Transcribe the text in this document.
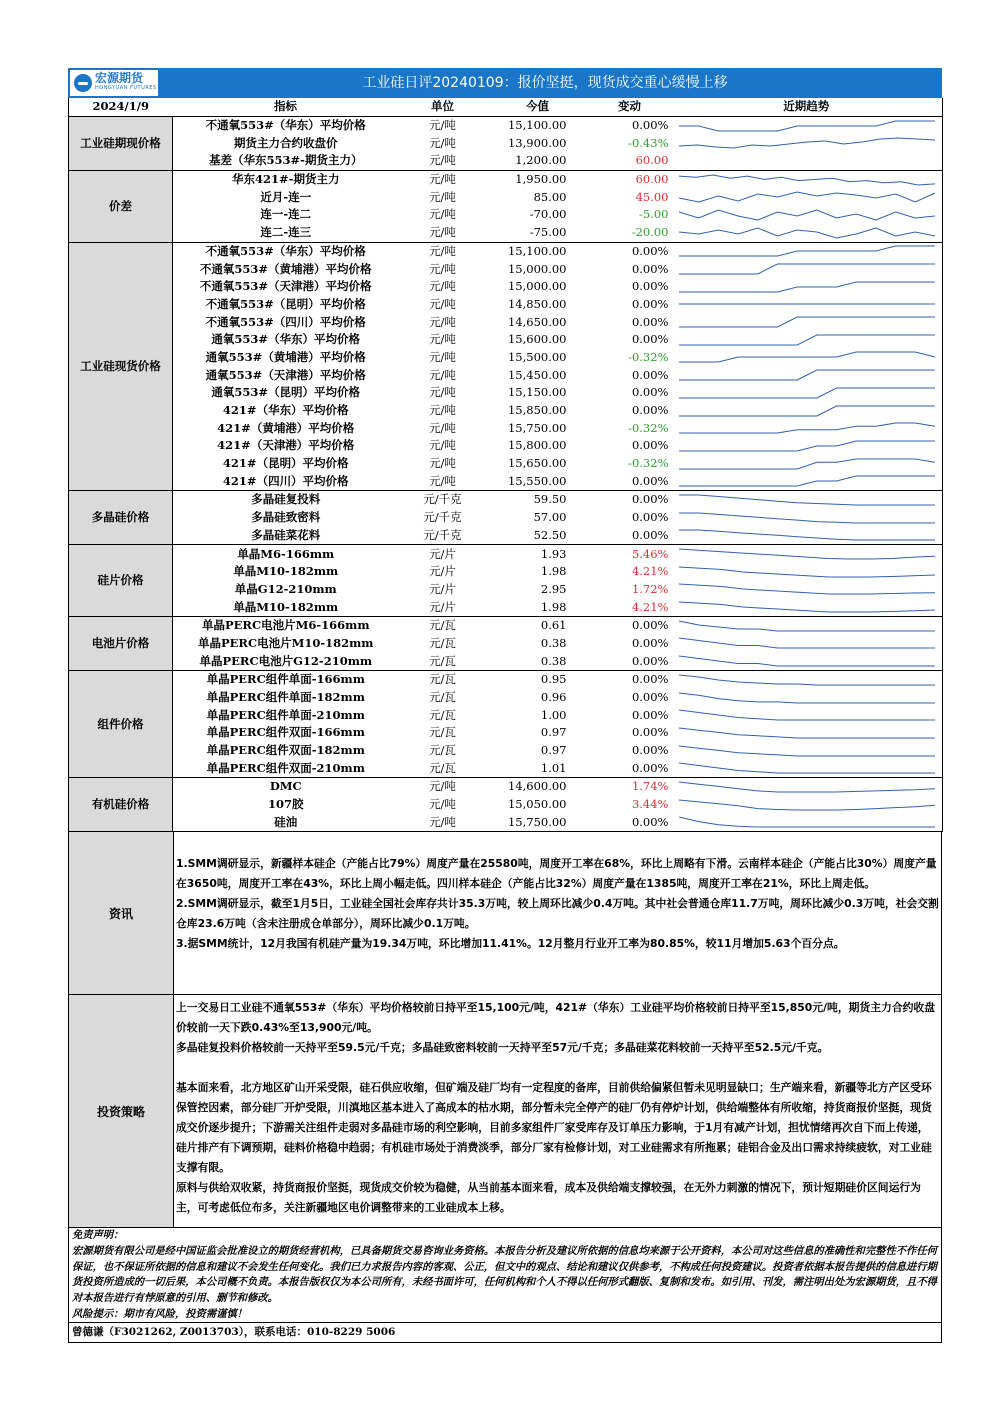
宏源期货
HONGYUAN FUTURES	工业硅日评20240109：报价坚挺，现货成交重心缓慢上移
2024/1/9	指标	单位	今值	变动	近期趋势
工业硅期现价格	不通氧553#（华东）平均价格	元/吨	15,100.00	0.00%	

	期货主力合约收盘价	元/吨	13,900.00	-0.43%	

	基差（华东553#-期货主力）	元/吨	1,200.00	60.00	

价差	华东421#-期货主力	元/吨	1,950.00	60.00	

	近月-连一	元/吨	85.00	45.00	

	连一-连二	元/吨	-70.00	-5.00	

	连二-连三	元/吨	-75.00	-20.00	

工业硅现货价格	不通氧553#（华东）平均价格	元/吨	15,100.00	0.00%	

	不通氧553#（黄埔港）平均价格	元/吨	15,000.00	0.00%	

	不通氧553#（天津港）平均价格	元/吨	15,000.00	0.00%	

	不通氧553#（昆明）平均价格	元/吨	14,850.00	0.00%	

	不通氧553#（四川）平均价格	元/吨	14,650.00	0.00%	

	通氧553#（华东）平均价格	元/吨	15,600.00	0.00%	

	通氧553#（黄埔港）平均价格	元/吨	15,500.00	-0.32%	

	通氧553#（天津港）平均价格	元/吨	15,450.00	0.00%	

	通氧553#（昆明）平均价格	元/吨	15,150.00	0.00%	

	421#（华东）平均价格	元/吨	15,850.00	0.00%	

	421#（黄埔港）平均价格	元/吨	15,750.00	-0.32%	

	421#（天津港）平均价格	元/吨	15,800.00	0.00%	

	421#（昆明）平均价格	元/吨	15,650.00	-0.32%	

	421#（四川）平均价格	元/吨	15,550.00	0.00%	

多晶硅价格	多晶硅复投料	元/千克	59.50	0.00%	

	多晶硅致密料	元/千克	57.00	0.00%	

	多晶硅菜花料	元/千克	52.50	0.00%	

硅片价格	单晶M6-166mm	元/片	1.93	5.46%	

	单晶M10-182mm	元/片	1.98	4.21%	

	单晶G12-210mm	元/片	2.95	1.72%	

	单晶M10-182mm	元/片	1.98	4.21%	

电池片价格	单晶PERC电池片M6-166mm	元/瓦	0.61	0.00%	

	单晶PERC电池片M10-182mm	元/瓦	0.38	0.00%	

	单晶PERC电池片G12-210mm	元/瓦	0.38	0.00%	

组件价格	单晶PERC组件单面-166mm	元/瓦	0.95	0.00%	

	单晶PERC组件单面-182mm	元/瓦	0.96	0.00%	

	单晶PERC组件单面-210mm	元/瓦	1.00	0.00%	

	单晶PERC组件双面-166mm	元/瓦	0.97	0.00%	

	单晶PERC组件双面-182mm	元/瓦	0.97	0.00%	

	单晶PERC组件双面-210mm	元/瓦	1.01	0.00%	

有机硅价格	DMC	元/吨	14,600.00	1.74%	

	107胶	元/吨	15,050.00	3.44%	

	硅油	元/吨	15,750.00	0.00%	
资讯
1.SMM调研显示，新疆样本硅企（产能占比79%）周度产量在25580吨，周度开工率在68%，环比上周略有下滑。云南样本硅企（产能占比30%）周度产量在3650吨，周度开工率在43%，环比上周小幅走低。四川样本硅企（产能占比32%）周度产量在1385吨，周度开工率在21%，环比上周走低。
2.SMM调研显示，截至1月5日，工业硅全国社会库存共计35.3万吨，较上周环比减少0.4万吨。其中社会普通仓库11.7万吨，周环比减少0.3万吨，社会交割仓库23.6万吨（含未注册成仓单部分），周环比减少0.1万吨。
3.据SMM统计，12月我国有机硅产量为19.34万吨，环比增加11.41%。12月整月行业开工率为80.85%，较11月增加5.63个百分点。
投资策略
上一交易日工业硅不通氧553#（华东）平均价格较前日持平至15,100元/吨，421#（华东）工业硅平均价格较前日持平至15,850元/吨，期货主力合约收盘价较前一天下跌0.43%至13,900元/吨。
多晶硅复投料价格较前一天持平至59.5元/千克；多晶硅致密料较前一天持平至57元/千克；多晶硅菜花料较前一天持平至52.5元/千克。
基本面来看，北方地区矿山开采受限，硅石供应收缩，但矿端及硅厂均有一定程度的备库，目前供给偏紧但暂未见明显缺口；生产端来看，新疆等北方产区受环保管控因素，部分硅厂开炉受限，川滇地区基本进入了高成本的枯水期，部分暂未完全停产的硅厂仍有停炉计划，供给端整体有所收缩，持货商报价坚挺，现货成交价逐步提升；下游需关注组件走弱对多晶硅市场的利空影响，目前多家组件厂家受库存及订单压力影响，于1月有减产计划，担忧情绪再次自下而上传递，硅片排产有下调预期，硅料价格稳中趋弱；有机硅市场处于消费淡季，部分厂家有检修计划，对工业硅需求有所拖累；硅铝合金及出口需求持续疲软，对工业硅支撑有限。
原料与供给双收紧，持货商报价坚挺，现货成交价较为稳健，从当前基本面来看，成本及供给端支撑较强，在无外力刺激的情况下，预计短期硅价区间运行为主，可考虑低位布多，关注新疆地区电价调整带来的工业硅成本上移。
免责声明：
宏源期货有限公司是经中国证监会批准设立的期货经营机构，已具备期货交易咨询业务资格。本报告分析及建议所依据的信息均来源于公开资料，本公司对这些信息的准确性和完整性不作任何保证，也不保证所依据的信息和建议不会发生任何变化。我们已力求报告内容的客观、公正，但文中的观点、结论和建议仅供参考，不构成任何投资建议。投资者依据本报告提供的信息进行期货投资所造成的一切后果，本公司概不负责。本报告版权仅为本公司所有，未经书面许可，任何机构和个人不得以任何形式翻版、复制和发布。如引用、刊发，需注明出处为宏源期货，且不得对本报告进行有悖原意的引用、删节和修改。
风险提示：期市有风险，投资需谨慎！
曾德谦（F3021262, Z0013703），联系电话：010-8229 5006
